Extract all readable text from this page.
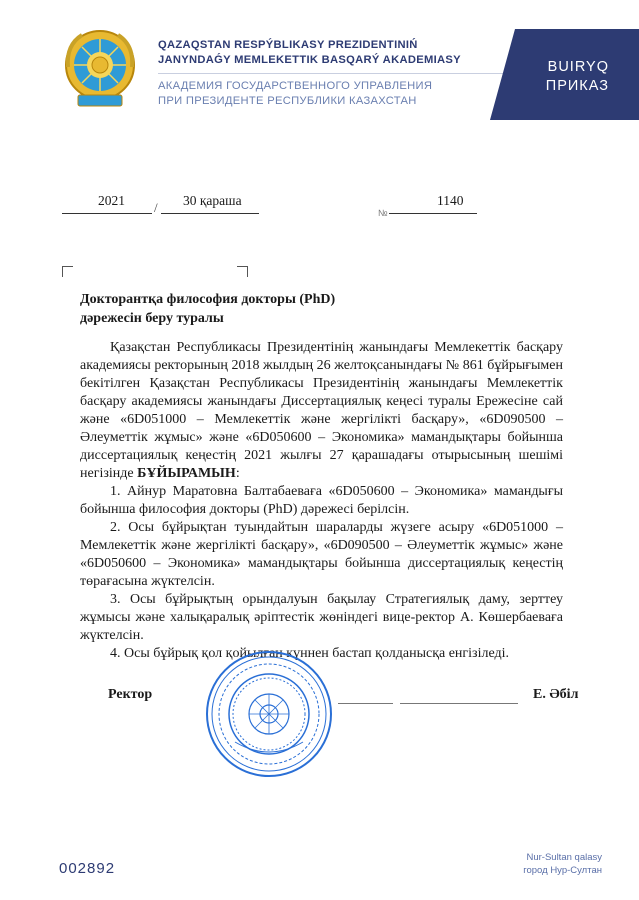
QAZAQSTAN RESPÝBLIKASY PREZIDENTINIŃ
JANYNDAǴY MEMLEKETTIK BASQARÝ AKADEMIASY
АКАДЕМИЯ ГОСУДАРСТВЕННОГО УПРАВЛЕНИЯ
ПРИ ПРЕЗИДЕНТЕ РЕСПУБЛИКИ КАЗАХСТАН
BUIRYQ
ПРИКАЗ
2021 / 30 қараша
№
1140
Докторантқа философия докторы (PhD)
дәрежесін беру туралы

Қазақстан Республикасы Президентінің жанындағы Мемлекеттік басқару академиясы ректорының 2018 жылдың 26 желтоқсанындағы № 861 бұйрығымен бекітілген Қазақстан Республикасы Президентінің жанындағы Мемлекеттік басқару академиясы жанындағы Диссертациялық кеңесі туралы Ережесіне сай және «6D051000 – Мемлекеттік және жергілікті басқару», «6D090500 – Әлеуметтік жұмыс» және «6D050600 – Экономика» мамандықтары бойынша диссертациялық кеңестің 2021 жылғы 27 қарашадағы отырысының шешімі негізінде БҰЙЫРАМЫН:

1. Айнур Маратовна Балтабаеваға «6D050600 – Экономика» мамандығы бойынша философия докторы (PhD) дәрежесі берілсін.

2. Осы бұйрықтан туындайтын шараларды жүзеге асыру «6D051000 – Мемлекеттік және жергілікті басқару», «6D090500 – Әлеуметтік жұмыс» және «6D050600 – Экономика» мамандықтары бойынша диссертациялық кеңестің төрағасына жүктелсін.

3. Осы бұйрықтың орындалуын бақылау Стратегиялық даму, зерттеу жұмысы және халықаралық әріптестік жөніндегі вице-ректор А. Көшербаеваға жүктелсін.

4. Осы бұйрық қол қойылған күннен бастап қолданысқа енгізіледі.

Ректор	Е. Әбіл
002892
Nur-Sultan qalasy
город Нур-Султан
